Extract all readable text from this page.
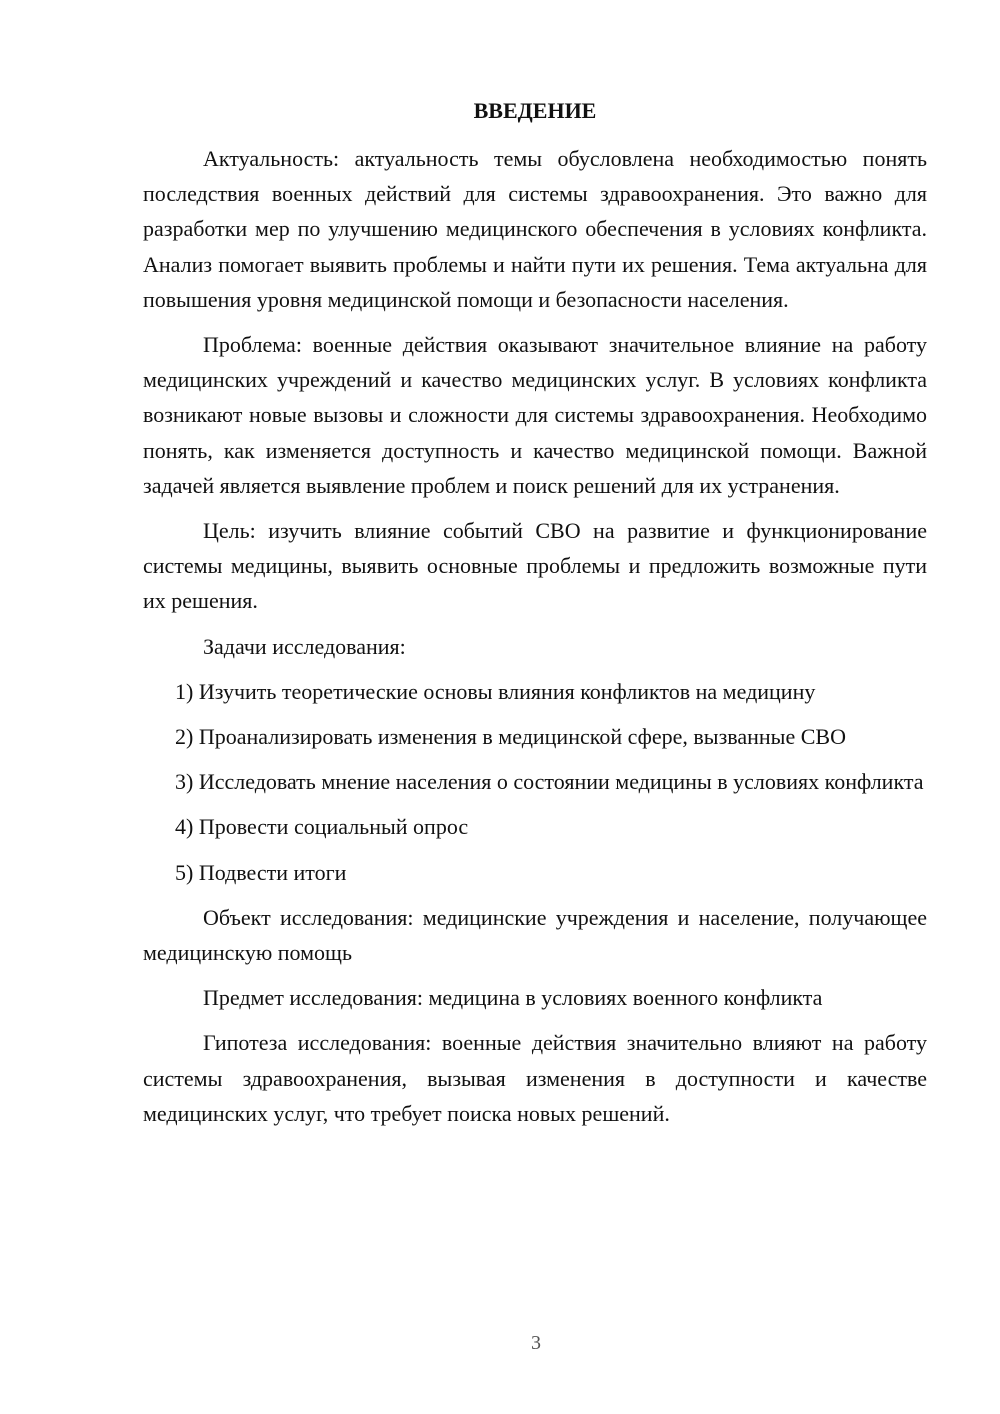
ВВЕДЕНИЕ

Актуальность: актуальность темы обусловлена необходимостью понять последствия военных действий для системы здравоохранения. Это важно для разработки мер по улучшению медицинского обеспечения в условиях конфликта. Анализ помогает выявить проблемы и найти пути их решения. Тема актуальна для повышения уровня медицинской помощи и безопасности населения.

Проблема: военные действия оказывают значительное влияние на работу медицинских учреждений и качество медицинских услуг. В условиях конфликта возникают новые вызовы и сложности для системы здравоохранения. Необходимо понять, как изменяется доступность и качество медицинской помощи. Важной задачей является выявление проблем и поиск решений для их устранения.

Цель: изучить влияние событий СВО на развитие и функционирование системы медицины, выявить основные проблемы и предложить возможные пути их решения.

Задачи исследования:

1) Изучить теоретические основы влияния конфликтов на медицину

2) Проанализировать изменения в медицинской сфере, вызванные СВО

3) Исследовать мнение населения о состоянии медицины в условиях конфликта

4) Провести социальный опрос

5) Подвести итоги

Объект исследования: медицинские учреждения и население, получающее медицинскую помощь

Предмет исследования: медицина в условиях военного конфликта

Гипотеза исследования: военные действия значительно влияют на работу системы здравоохранения, вызывая изменения в доступности и качестве медицинских услуг, что требует поиска новых решений.

3
